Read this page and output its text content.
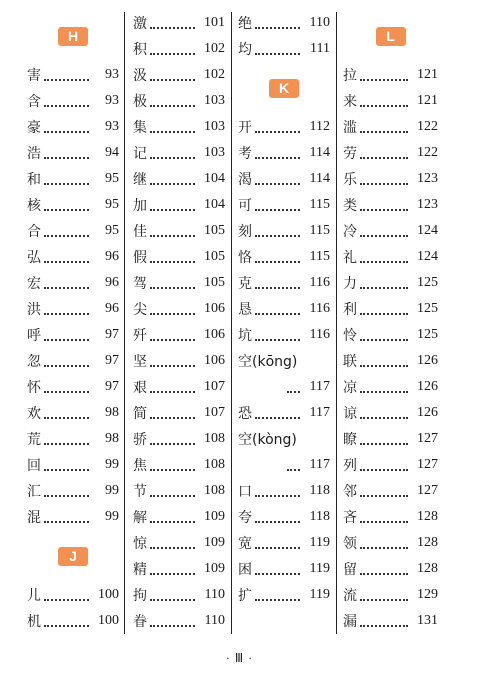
H
害	93
含	93
豪	93
浩	94
和	95
核	95
合	95
弘	96
宏	96
洪	96
呼	97
忽	97
怀	97
欢	98
荒	98
回	99
汇	99
混	99
J
儿	100
机	100
激	101
积	102
汲	102
极	103
集	103
记	103
继	104
加	104
佳	105
假	105
驾	105
尖	106
歼	106
坚	106
艰	107
简	107
骄	108
焦	108
节	108
解	109
惊	109
精	109
拘	110
眷	110
绝	110
均	111
K
开	112
考	114
渴	114
可	115
刻	115
恪	115
克	116
恳	116
坑	116
空(kōng)
117
恐	117
空(kòng)
117
口	118
夸	118
宽	119
困	119
扩	119
L
拉	121
来	121
滥	122
劳	122
乐	123
类	123
冷	124
礼	124
力	125
利	125
怜	125
联	126
凉	126
谅	126
瞭	127
列	127
邻	127
吝	128
领	128
留	128
流	129
漏	131
· Ⅲ ·
